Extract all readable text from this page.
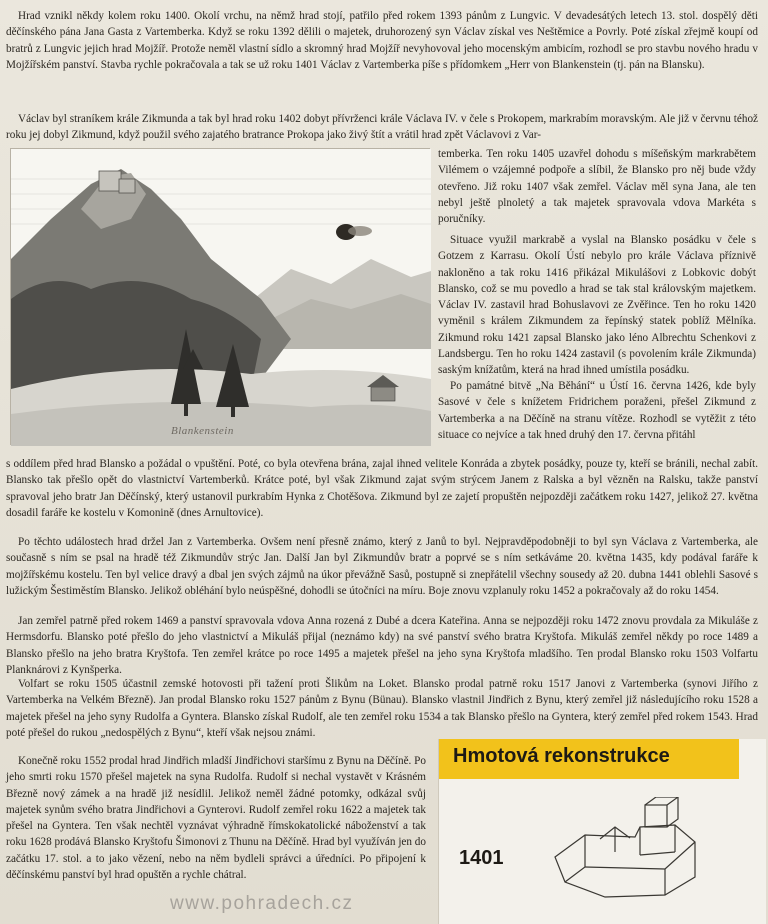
Hrad vznikl někdy kolem roku 1400. Okolí vrchu, na němž hrad stojí, patřilo před rokem 1393 pánům z Lungvic. V devadesátých letech 13. stol. dospělý děti děčínského pána Jana Gasta z Vartemberka. Když se roku 1392 dělili o majetek, druhorozený syn Václav získal ves Neštěmice a Povrly. Poté získal zřejmě koupí od bratrů z Lungvic jejich hrad Mojžíř. Protože neměl vlastní sídlo a skromný hrad Mojžíř nevyhovoval jeho mocenským ambicím, rozhodl se pro stavbu nového hradu v Mojžířském panství. Stavba rychle pokračovala a tak se už roku 1401 Václav z Vartemberka píše s přídomkem „Herr von Blankenstein (tj. pán na Blansku).

Václav byl straníkem krále Zikmunda a tak byl hrad roku 1402 dobyt přívrženci krále Václava IV. v čele s Prokopem, markrabím moravským. Ale již v červnu téhož roku jej dobyl Zikmund, když použil svého zajatého bratrance Prokopa jako živý štít a vrátil hrad zpět Václavovi z Var-

Blankenstein

temberka. Ten roku 1405 uzavřel dohodu s míšeňským markrabětem Vilémem o vzájemné podpoře a slíbil, že Blansko pro něj bude vždy otevřeno. Již roku 1407 však zemřel. Václav měl syna Jana, ale ten nebyl ještě plnoletý a tak majetek spravovala vdova Markéta s poručníky.

Situace využil markrabě a vyslal na Blansko posádku v čele s Gotzem z Karrasu. Okolí Ústí nebylo pro krále Václava příznivě nakloněno a tak roku 1416 přikázal Mikulášovi z Lobkovic dobýt Blansko, což se mu povedlo a hrad se tak stal královským majetkem. Václav IV. zastavil hrad Bohuslavovi ze Zvěřince. Ten ho roku 1420 vyměnil s králem Zikmundem za řepínský statek poblíž Mělníka. Zikmund roku 1421 zapsal Blansko jako léno Albrechtu Schenkovi z Landsbergu. Ten ho roku 1424 zastavil (s povolením krále Zikmunda) saským knížatům, která na hrad ihned umístila posádku.

Po památné bitvě „Na Běhání“ u Ústí 16. června 1426, kde byly Sasové v čele s knížetem Fridrichem poraženi, přešel Zikmund z Vartemberka a na Děčíně na stranu vítěze. Rozhodl se vytěžit z této situace co nejvíce a tak hned druhý den 17. června přitáhl

s oddílem před hrad Blansko a požádal o vpuštění. Poté, co byla otevřena brána, zajal ihned velitele Konráda a zbytek posádky, pouze ty, kteří se bránili, nechal zabít. Blansko tak přešlo opět do vlastnictví Vartemberků. Krátce poté, byl však Zikmund zajat svým strýcem Janem z Ralska a byl vězněn na Ralsku, takže panství spravoval jeho bratr Jan Děčínský, který ustanovil purkrabím Hynka z Chotěšova. Zikmund byl ze zajetí propuštěn nejpozději začátkem roku 1427, jelikož 27. května dosadil faráře ke kostelu v Komonině (dnes Arnultovice).

Po těchto událostech hrad držel Jan z Vartemberka. Ovšem není přesně známo, který z Janů to byl. Nejpravděpodobněji to byl syn Václava z Vartemberka, ale současně s ním se psal na hradě též Zikmundův strýc Jan. Další Jan byl Zikmundův bratr a poprvé se s ním setkáváme 20. května 1435, kdy podával faráře k mojžířskému kostelu. Ten byl velice dravý a dbal jen svých zájmů na úkor převážně Sasů, postupně si znepřátelil všechny sousedy až 20. dubna 1441 oblehli Sasové s lužickým Šestiměstím Blansko. Jelikož obléhání bylo neúspěšné, dohodli se útočníci na míru. Boje znovu vzplanuly roku 1452 a pokračovaly až do roku 1454.

Jan zemřel patrně před rokem 1469 a panství spravovala vdova Anna rozená z Dubé a dcera Kateřina. Anna se nejpozději roku 1472 znovu provdala za Mikuláše z Hermsdorfu. Blansko poté přešlo do jeho vlastnictví a Mikuláš přijal (neznámo kdy) na své panství svého bratra Kryštofa. Mikuláš zemřel někdy po roce 1489 a Blansko přešlo na jeho bratra Kryštofa. Ten zemřel krátce po roce 1495 a majetek přešel na jeho syna Kryštofa mladšího. Ten prodal Blansko roku 1503 Volfartu Planknárovi z Kynšperka.

Volfart se roku 1505 účastnil zemské hotovosti při tažení proti Šlikům na Loket. Blansko prodal patrně roku 1517 Janovi z Vartemberka (synovi Jiřího z Vartemberka na Velkém Březně). Jan prodal Blansko roku 1527 pánům z Bynu (Bünau). Blansko vlastnil Jindřich z Bynu, který zemřel již následujícího roku 1528 a majetek přešel na jeho syny Rudolfa a Gyntera. Blansko získal Rudolf, ale ten zemřel roku 1534 a tak Blansko přešlo na Gyntera, který zemřel před rokem 1543. Hrad poté přešel do rukou „nedospělých z Bynu“, kteří však nejsou známi.

Konečně roku 1552 prodal hrad Jindřich mladší Jindřichovi staršímu z Bynu na Děčíně. Po jeho smrti roku 1570 přešel majetek na syna Rudolfa. Rudolf si nechal vystavět v Krásném Březně nový zámek a na hradě již nesídlil. Jelikož neměl žádné potomky, odkázal svůj majetek synům svého bratra Jindřichovi a Gynterovi. Rudolf zemřel roku 1622 a majetek tak přešel na Gyntera. Ten však nechtěl vyznávat výhradně římskokatolické náboženství a tak roku 1628 prodává Blansko Kryštofu Šimonovi z Thunu na Děčíně. Hrad byl využíván jen do začátku 17. stol. a to jako vězení, nebo na něm bydleli správci a úředníci. Po připojení k děčínskému panství byl hrad opuštěn a rychle chátral.

Hmotová rekonstrukce
1401
www.pohradech.cz
